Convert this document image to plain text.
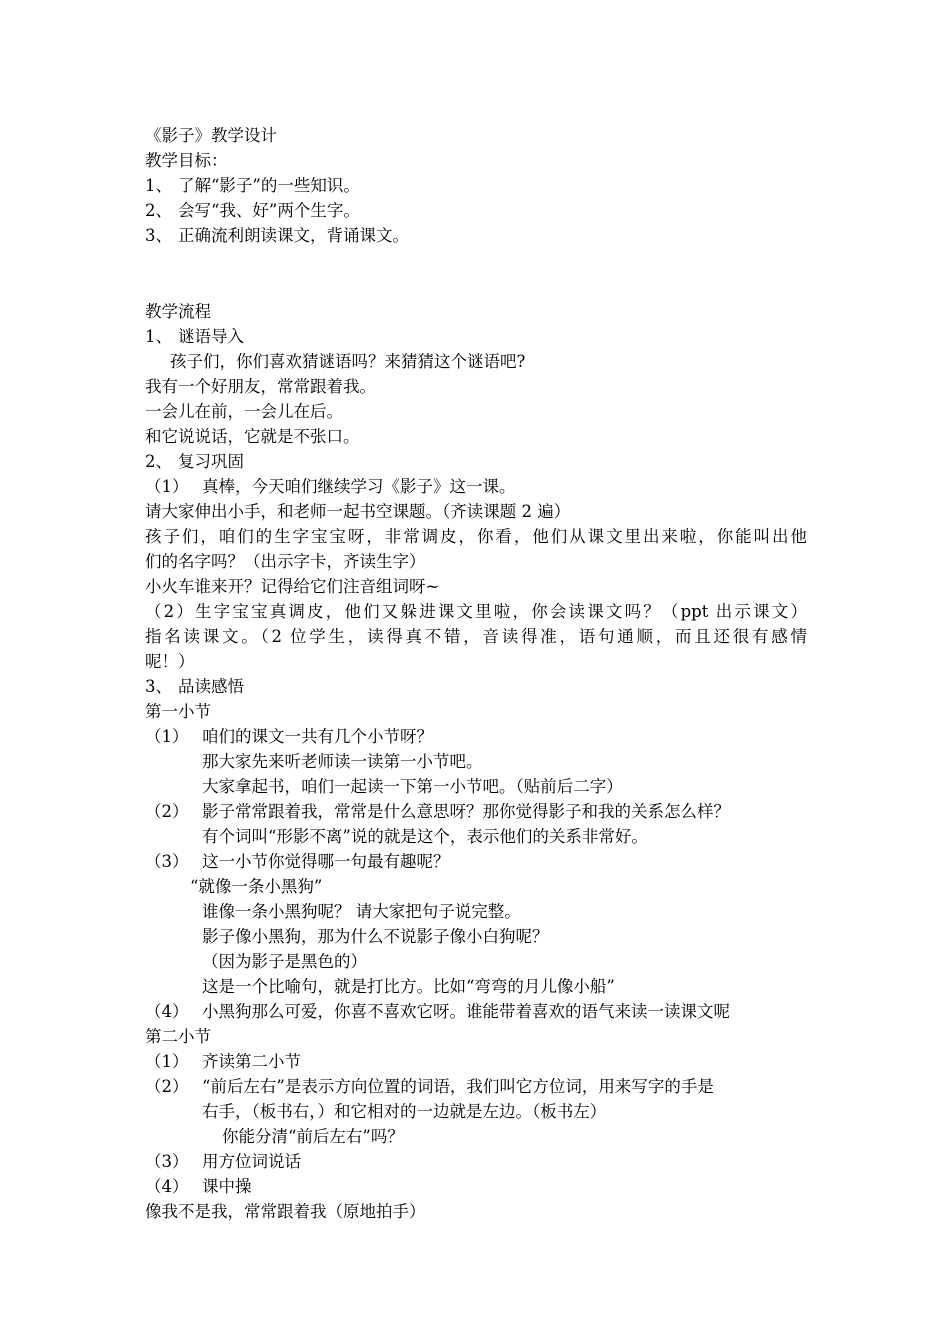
《影子》教学设计
教学目标：
1、 了解“影子”的一些知识。
2、 会写“我、好”两个生字。
3、 正确流利朗读课文，背诵课文。
教学流程
1、 谜语导入
孩子们，你们喜欢猜谜语吗？来猜猜这个谜语吧?
我有一个好朋友，常常跟着我。
一会儿在前，一会儿在后。
和它说说话，它就是不张口。
2、 复习巩固
（1） 真棒，今天咱们继续学习《影子》这一课。
请大家伸出小手，和老师一起书空课题。（齐读课题 2 遍）
孩子们，咱们的生字宝宝呀，非常调皮，你看，他们从课文里出来啦，你能叫出他
们的名字吗？（出示字卡，齐读生字）
小火车谁来开？记得给它们注音组词呀~
（2）生字宝宝真调皮，他们又躲进课文里啦，你会读课文吗？（ppt 出示课文）
指名读课文。（2 位学生，读得真不错，音读得准，语句通顺，而且还很有感情
呢！）
3、 品读感悟
第一小节
（1） 咱们的课文一共有几个小节呀？
那大家先来听老师读一读第一小节吧。
大家拿起书，咱们一起读一下第一小节吧。（贴前后二字）
（2） 影子常常跟着我，常常是什么意思呀？那你觉得影子和我的关系怎么样？
有个词叫“形影不离”说的就是这个，表示他们的关系非常好。
（3） 这一小节你觉得哪一句最有趣呢？
“就像一条小黑狗”
谁像一条小黑狗呢？ 请大家把句子说完整。
影子像小黑狗，那为什么不说影子像小白狗呢？
（因为影子是黑色的）
这是一个比喻句，就是打比方。比如“弯弯的月儿像小船”
（4） 小黑狗那么可爱，你喜不喜欢它呀。谁能带着喜欢的语气来读一读课文呢
第二小节
（1） 齐读第二小节
（2） “前后左右”是表示方向位置的词语，我们叫它方位词，用来写字的手是
右手，（板书右，）和它相对的一边就是左边。（板书左）
你能分清“前后左右”吗？
（3） 用方位词说话
（4） 课中操
像我不是我，常常跟着我（原地拍手）
